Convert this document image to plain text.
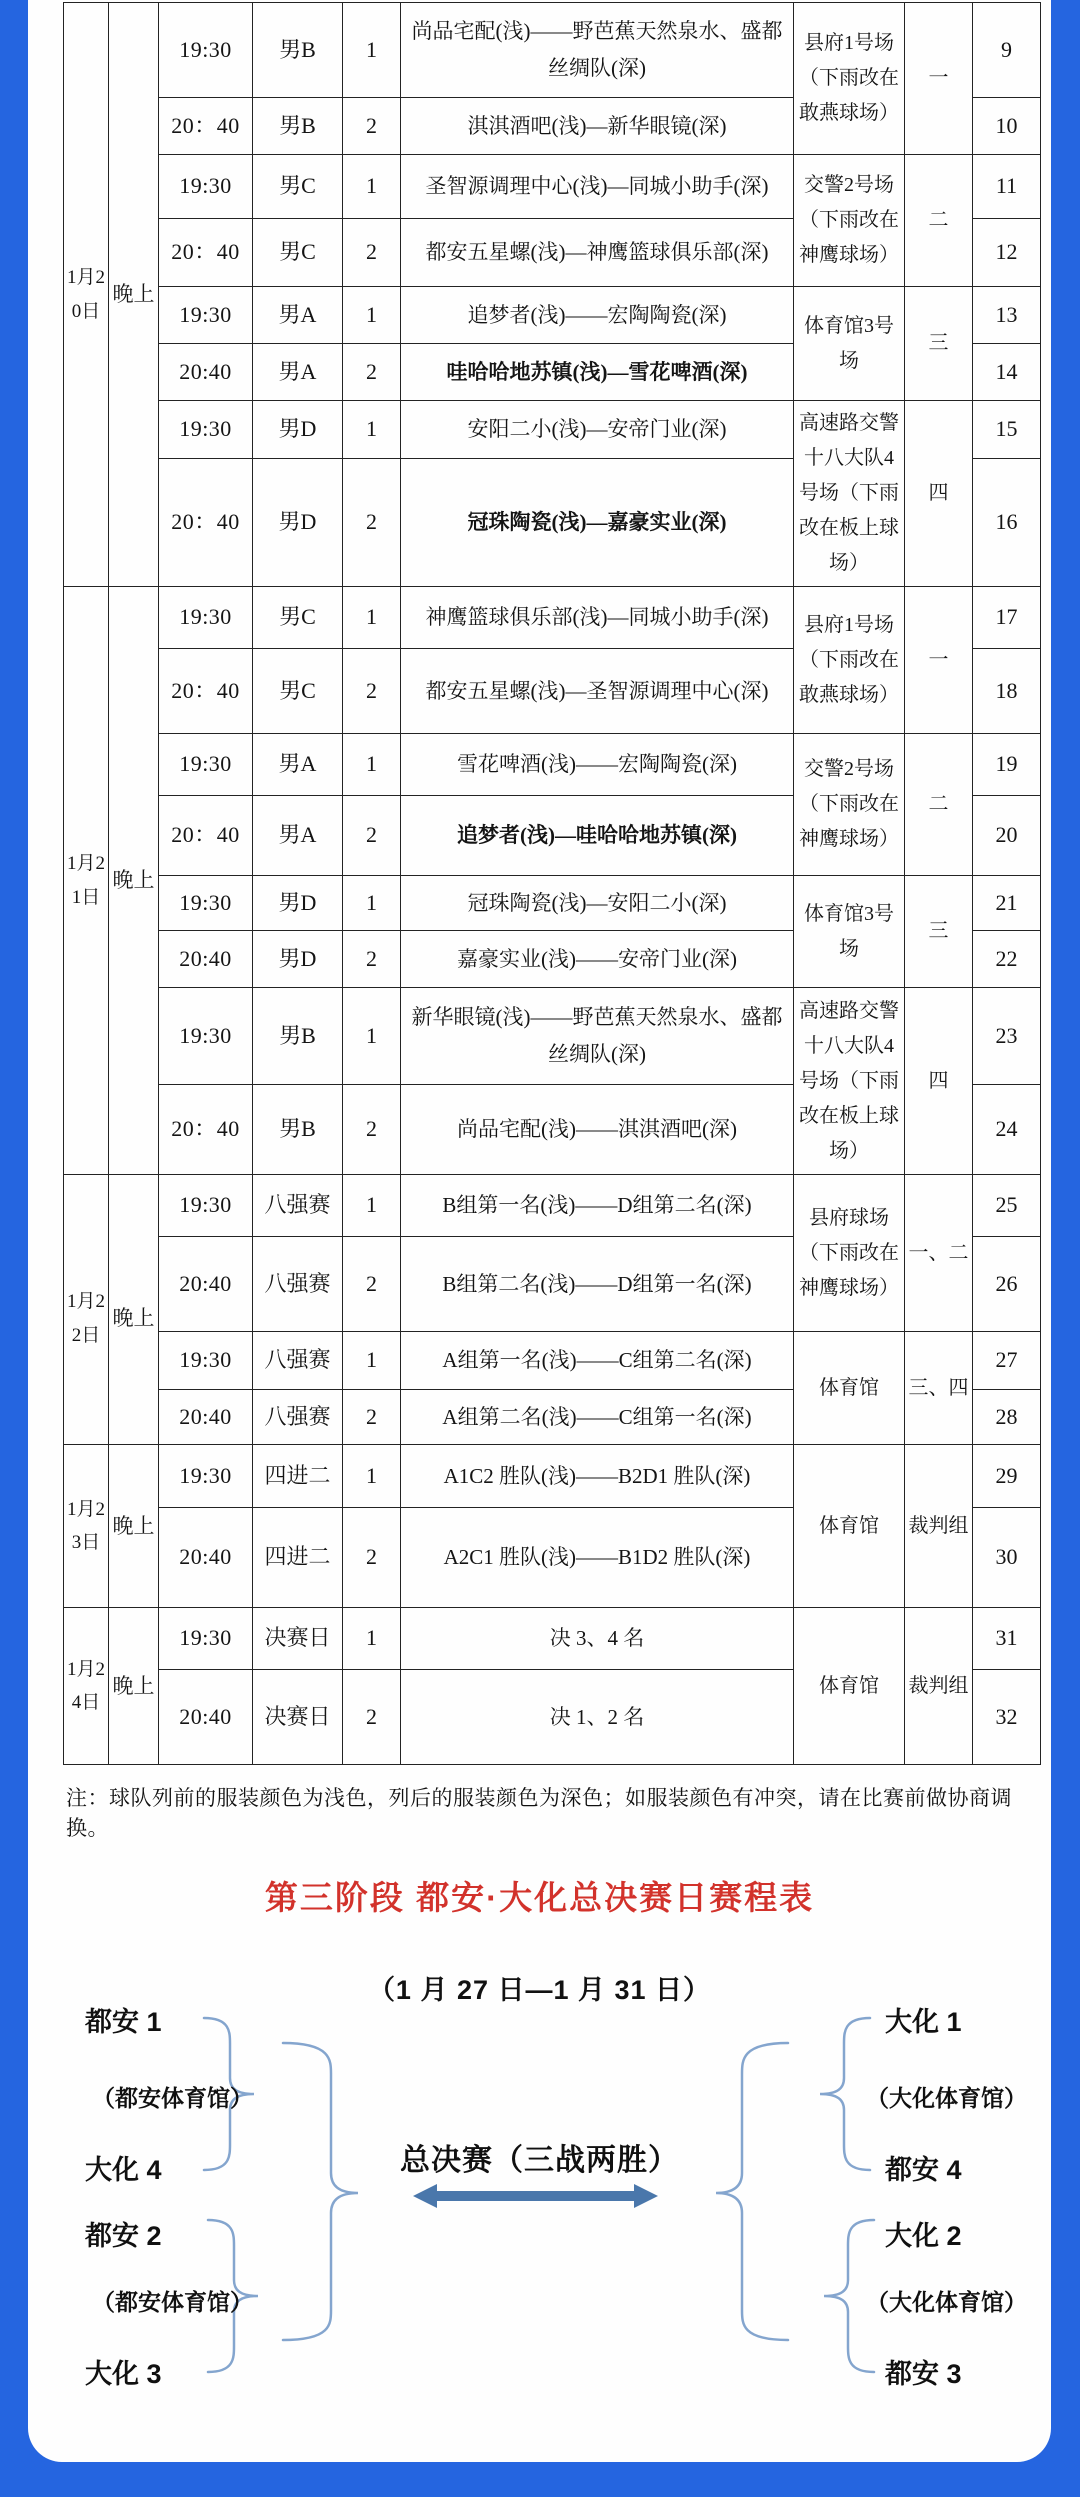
1月20日	晚上	19:30	男B	1	尚品宅配(浅)——野芭蕉天然泉水、盛都丝绸队(深)	县府1号场（下雨改在敢燕球场）	一	9
		20：40	男B	2	淇淇酒吧(浅)—新华眼镜(深)			10
		19:30	男C	1	圣智源调理中心(浅)—同城小助手(深)	交警2号场（下雨改在神鹰球场）	二	11
		20：40	男C	2	都安五星螺(浅)—神鹰篮球俱乐部(深)			12
		19:30	男A	1	追梦者(浅)——宏陶陶瓷(深)	体育馆3号场	三	13
		20:40	男A	2	哇哈哈地苏镇(浅)—雪花啤酒(深)			14
		19:30	男D	1	安阳二小(浅)—安帝门业(深)	高速路交警十八大队4号场（下雨改在板上球场）	四	15
		20：40	男D	2	冠珠陶瓷(浅)—嘉豪实业(深)			16
1月21日	晚上	19:30	男C	1	神鹰篮球俱乐部(浅)—同城小助手(深)	县府1号场（下雨改在敢燕球场）	一	17
		20：40	男C	2	都安五星螺(浅)—圣智源调理中心(深)			18
		19:30	男A	1	雪花啤酒(浅)——宏陶陶瓷(深)	交警2号场（下雨改在神鹰球场）	二	19
		20：40	男A	2	追梦者(浅)—哇哈哈地苏镇(深)			20
		19:30	男D	1	冠珠陶瓷(浅)—安阳二小(深)	体育馆3号场	三	21
		20:40	男D	2	嘉豪实业(浅)——安帝门业(深)			22
		19:30	男B	1	新华眼镜(浅)——野芭蕉天然泉水、盛都丝绸队(深)	高速路交警十八大队4号场（下雨改在板上球场）	四	23
		20：40	男B	2	尚品宅配(浅)——淇淇酒吧(深)			24
1月22日	晚上	19:30	八强赛	1	B组第一名(浅)——D组第二名(深)	县府球场（下雨改在神鹰球场）	一、二	25
		20:40	八强赛	2	B组第二名(浅)——D组第一名(深)			26
		19:30	八强赛	1	A组第一名(浅)——C组第二名(深)	体育馆	三、四	27
		20:40	八强赛	2	A组第二名(浅)——C组第一名(深)			28
1月23日	晚上	19:30	四进二	1	A1C2 胜队(浅)——B2D1 胜队(深)	体育馆	裁判组	29
		20:40	四进二	2	A2C1 胜队(浅)——B1D2 胜队(深)			30
1月24日	晚上	19:30	决赛日	1	决 3、4 名	体育馆	裁判组	31
		20:40	决赛日	2	决 1、2 名			32
注：球队列前的服装颜色为浅色，列后的服装颜色为深色；如服装颜色有冲突，请在比赛前做协商调换。
第三阶段 都安·大化总决赛日赛程表
（1 月 27 日—1 月 31 日）
都安 1
（都安体育馆）
大化 4
都安 2
（都安体育馆）
大化 3
大化 1
（大化体育馆）
都安 4
大化 2
（大化体育馆）
都安 3
总决赛（三战两胜）
